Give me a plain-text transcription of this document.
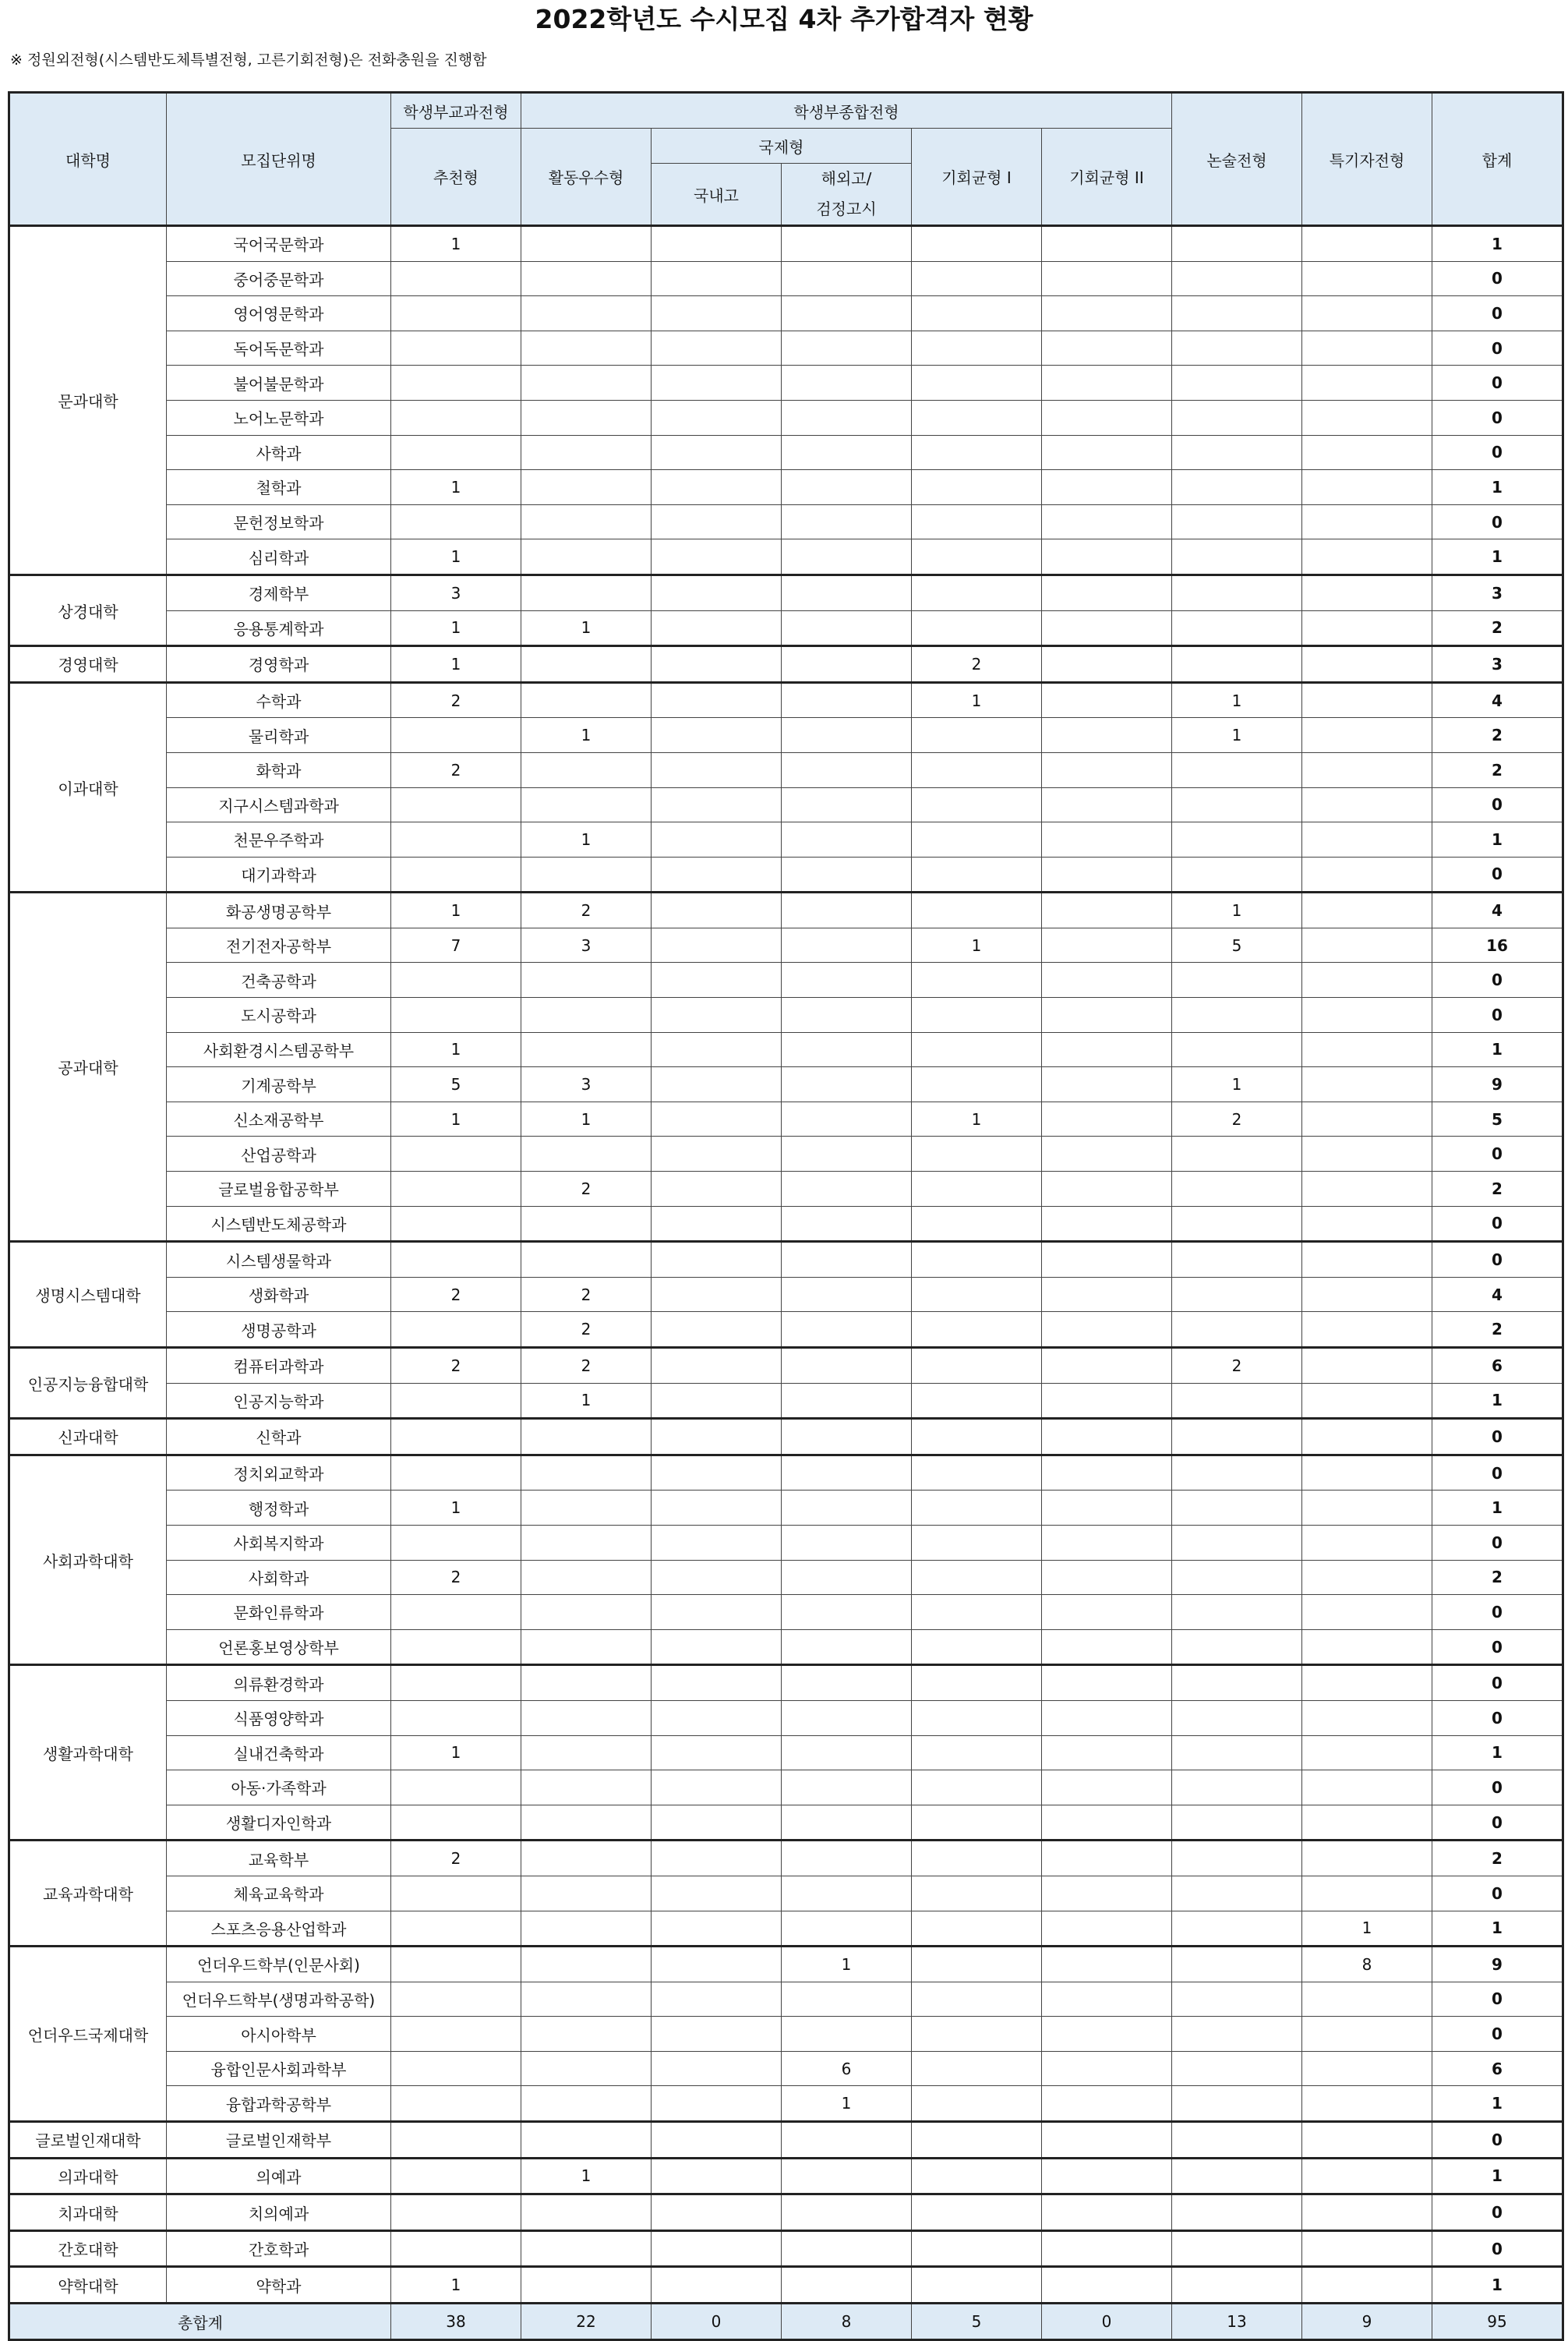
2022학년도 수시모집 4차 추가합격자 현황
※ 정원외전형(시스템반도체특별전형, 고른기회전형)은 전화충원을 진행함
대학명	모집단위명	학생부교과전형	학생부종합전형					논술전형	특기자전형	합계
		추천형	활동우수형	국제형		기회균형 I	기회균형 II			
				국내고	해외고/
검정고시					
문과대학	국어국문학과	1								1
	중어중문학과									0
	영어영문학과									0
	독어독문학과									0
	불어불문학과									0
	노어노문학과									0
	사학과									0
	철학과	1								1
	문헌정보학과									0
	심리학과	1								1
상경대학	경제학부	3								3
	응용통계학과	1	1							2
경영대학	경영학과	1				2				3
이과대학	수학과	2				1		1		4
	물리학과		1					1		2
	화학과	2								2
	지구시스템과학과									0
	천문우주학과		1							1
	대기과학과									0
공과대학	화공생명공학부	1	2					1		4
	전기전자공학부	7	3			1		5		16
	건축공학과									0
	도시공학과									0
	사회환경시스템공학부	1								1
	기계공학부	5	3					1		9
	신소재공학부	1	1			1		2		5
	산업공학과									0
	글로벌융합공학부		2							2
	시스템반도체공학과									0
생명시스템대학	시스템생물학과									0
	생화학과	2	2							4
	생명공학과		2							2
인공지능융합대학	컴퓨터과학과	2	2					2		6
	인공지능학과		1							1
신과대학	신학과									0
사회과학대학	정치외교학과									0
	행정학과	1								1
	사회복지학과									0
	사회학과	2								2
	문화인류학과									0
	언론홍보영상학부									0
생활과학대학	의류환경학과									0
	식품영양학과									0
	실내건축학과	1								1
	아동·가족학과									0
	생활디자인학과									0
교육과학대학	교육학부	2								2
	체육교육학과									0
	스포츠응용산업학과								1	1
언더우드국제대학	언더우드학부(인문사회)				1				8	9
	언더우드학부(생명과학공학)									0
	아시아학부									0
	융합인문사회과학부				6					6
	융합과학공학부				1					1
글로벌인재대학	글로벌인재학부									0
의과대학	의예과		1							1
치과대학	치의예과									0
간호대학	간호학과									0
약학대학	약학과	1								1
총합계		38	22	0	8	5	0	13	9	95
